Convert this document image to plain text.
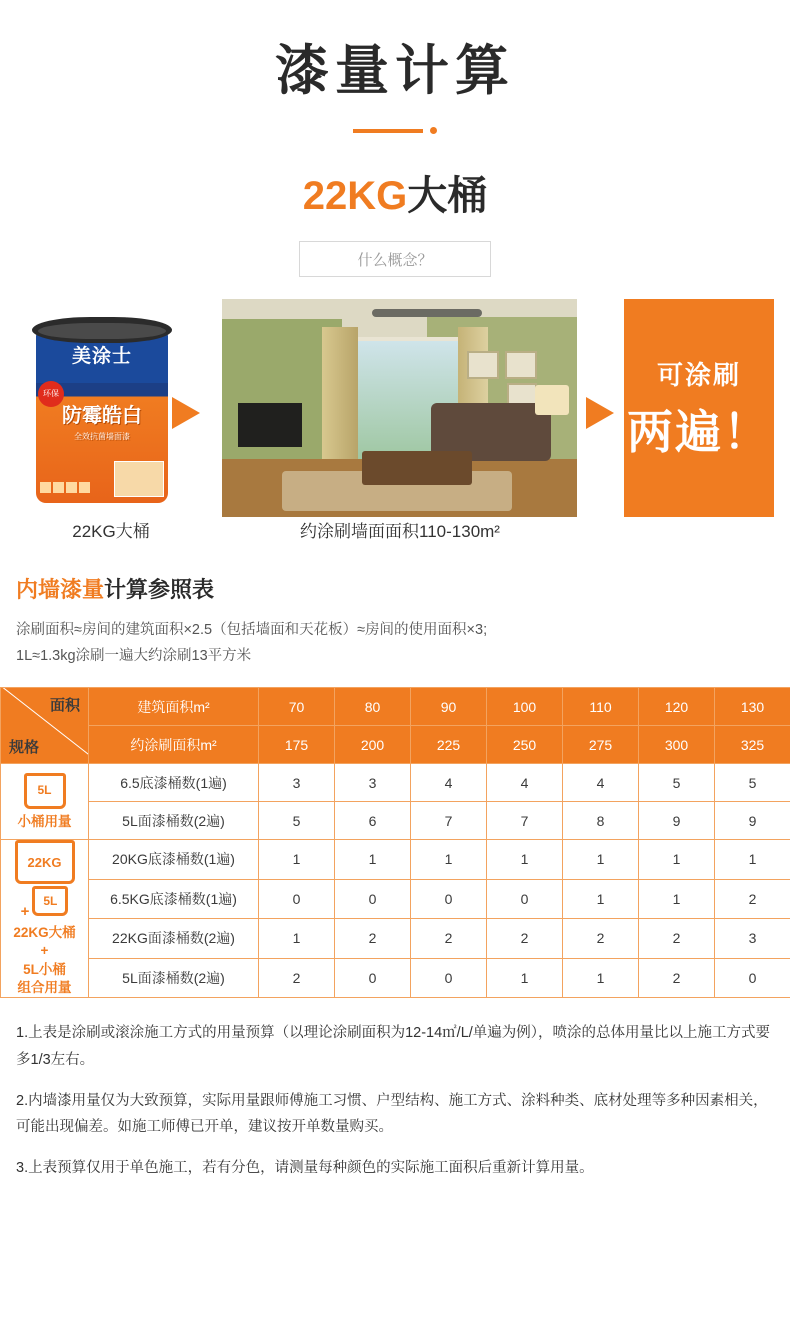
漆量计算
22KG大桶
什么概念？
美涂士
环保
防霉皓白
全效抗菌墙面漆
22KG大桶	约涂刷墙面面积110-130m²
可涂刷
两遍！
内墙漆量计算参照表
涂刷面积≈房间的建筑面积×2.5（包括墙面和天花板）≈房间的使用面积×3;
1L≈1.3kg涂刷一遍大约涂刷13平方米
面积
规格	建筑面积m²	70	80	90	100	110	120	130
	约涂刷面积m²	175	200	225	250	275	300	325

5L
小桶用量	6.5底漆桶数(1遍)	3	3	4	4	4	5	5
	5L面漆桶数(2遍)	5	6	7	7	8	9	9

22KG
+
5L
22KG大桶
+
5L小桶
组合用量
	20KG底漆桶数(1遍)	1	1	1	1	1	1	1
	6.5KG底漆桶数(1遍)	0	0	0	0	1	1	2
	22KG面漆桶数(2遍)	1	2	2	2	2	2	3
	5L面漆桶数(2遍)	2	0	0	1	1	2	0

1.上表是涂刷或滚涂施工方式的用量预算（以理论涂刷面积为12-14㎡/L/单遍为例），喷涂的总体用量比以上施工方式要多1/3左右。

2.内墙漆用量仅为大致预算，实际用量跟师傅施工习惯、户型结构、施工方式、涂料种类、底材处理等多种因素相关，可能出现偏差。如施工师傅已开单，建议按开单数量购买。

3.上表预算仅用于单色施工，若有分色，请测量每种颜色的实际施工面积后重新计算用量。
